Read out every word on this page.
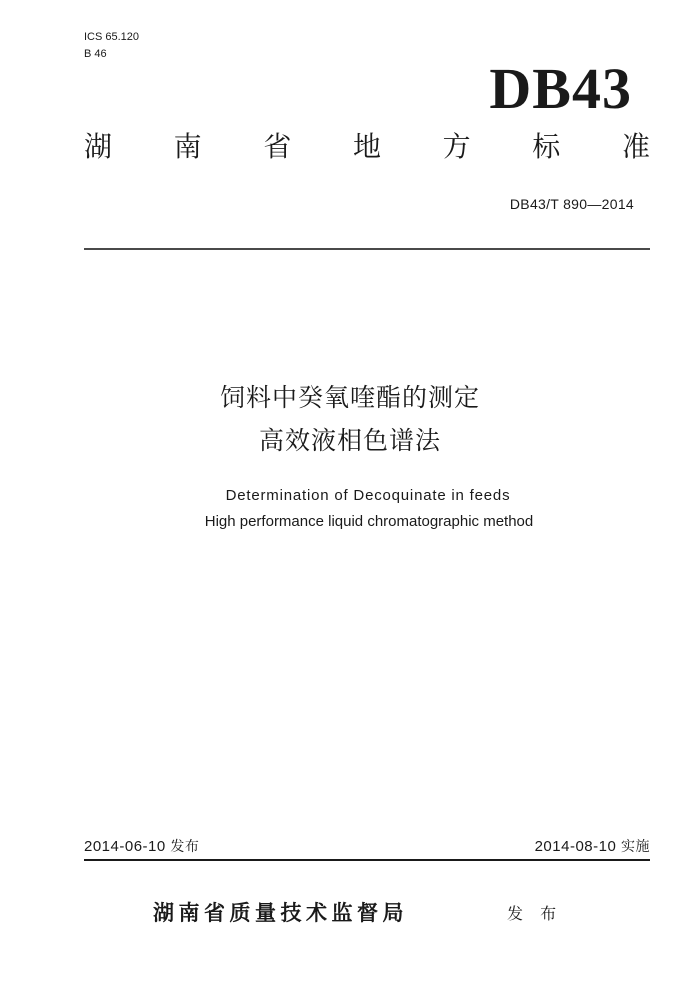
ICS 65.120
B 46
DB43
湖 南 省 地 方 标 准
DB43/T 890—2014
饲料中癸氧喹酯的测定
高效液相色谱法
Determination of Decoquinate in feeds
High performance liquid chromatographic method
2014-06-10 发布	2014-08-10 实施
湖南省质量技术监督局	发 布
